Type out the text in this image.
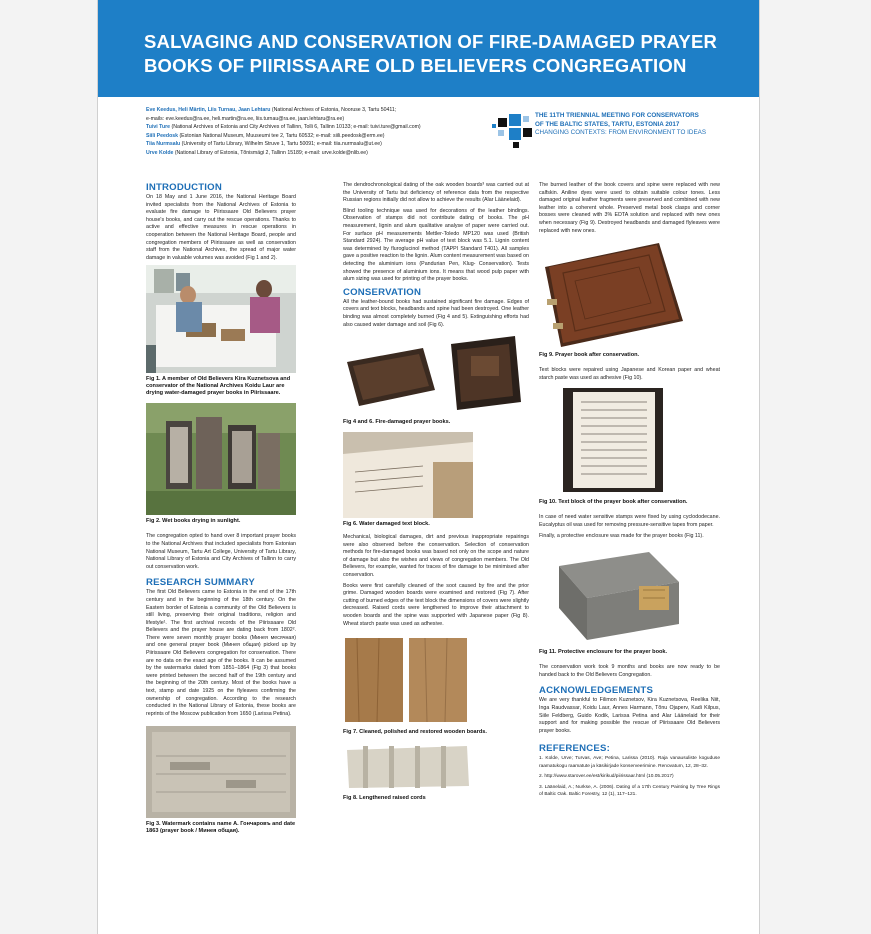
SALVAGING AND CONSERVATION OF FIRE-DAMAGED PRAYER
BOOKS OF PIIRISSAARE OLD BELIEVERS CONGREGATION
Eve Keedus, Heli Märtin, Liis Turnau, Jaan Lehtaru (National Archives of Estonia, Nooruse 3, Tartu 50411;
e-mails: eve.keedus@ra.ee, heli.martin@ra.ee, liis.turnau@ra.ee, jaan.lehtaru@ra.ee)
Tuivi Ture (National Archives of Estonia and City Archives of Tallinn, Tolli 6, Tallinn 10133; e-mail: tuivi.ture@gmail.com)
Siili Peedosk (Estonian National Museum, Muuseumi tee 2, Tartu 60532; e-mail: siili.peedosk@erm.ee)
Tiia Nurmsalu (University of Tartu Library, Wilhelm Struve 1, Tartu 50091; e-mail: tiia.nurmsalu@ut.ee)
Urve Kolde (National Library of Estonia, Tõnismägi 2, Tallinn 15189; e-mail: urve.kolde@nlib.ee)
THE 11TH TRIENNIAL MEETING FOR CONSERVATORS
OF THE BALTIC STATES, TARTU, ESTONIA 2017
CHANGING CONTEXTS: FROM ENVIRONMENT TO IDEAS
INTRODUCTION

On 18 May and 1 June 2016, the National Heritage Board invited specialists from the National Archives of Estonia to evaluate fire damage to Piirissaare Old Believers prayer house's books, and carry out the rescue operations. Thanks to active and effective measures in rescue operations in cooperation between the National Heritage Board, people and congregation members of Piirissaare as well as conservation staff from the National Archives, the spread of major water damage in valuable volumes was avoided (Fig 1 and 2).

Fig 1. A member of Old Believers Kira Kuznetsova and conservator of the National Archives Koidu Laur are drying water-damaged prayer books in Piirissaare.
Fig 2. Wet books drying in sunlight.

The congregation opted to hand over 8 important prayer books to the National Archives that included specialists from Estonian National Museum, Tartu Art College, University of Tartu Library, National Library of Estonia and City Archives of Tallinn to carry out conservation work.

RESEARCH SUMMARY

The first Old Believers came to Estonia in the end of the 17th century and in the beginning of the 18th century. On the Eastern border of Estonia a community of the Old Believers is still living, preserving their original traditions, religion and lifestyle¹. The first archival records of the Piirissaare Old Believers and the prayer house are dating back from 1802². There were seven monthly prayer books (Минея месячная) and one general prayer book (Минея общая) picked up by Piirissaare Old Believers congregation for conservation. There are no data on the exact age of the books. It can be assumed by the watermarks dated from 1851–1864 (Fig 3) that books were printed between the second half of the 19th century and the beginning of the 20th century. Most of the books have a text, stamp and date 1925 on the flyleaves confirming the ownership of congregation. According to the research conducted in the National Library of Estonia, these books are reprints of the Moscow publication from 1650 (Larissa Petina).

Fig 3. Watermark contains name А. Гончаровъ and date 1863 (prayer book / Минея общая).

The dendrochronological dating of the oak wooden boards³ was carried out at the University of Tartu but deficiency of reference data from the respective Russian regions initially did not allow to achieve the results (Alar Läänelaid).

Blind tooling technique was used for decorations of the leather bindings. Observation of stamps did not contribute dating of books. The pH measurement, lignin and alum qualitative analyse of paper were carried out. For surface pH measurements Mettler-Toledo MP120 was used (British Standard 2924). The average pH value of text block was 5.1. Lignin content was determined by fluroglucinol method (TAPPI Standard T401). All samples gave a positive reaction to the lignin. Alum content measurement was based on detecting the aluminium ions (Pandurian Pen, Klug- Conservation). Tests showed the presence of aluminium ions. It means that wood pulp paper with alum sizing was used for printing of the prayer books.

CONSERVATION

All the leather-bound books had sustained significant fire damage. Edges of covers and text blocks, headbands and spine had been destroyed. One leather binding was almost completely burned (Fig 4 and 5). Extinguishing efforts had also caused water damage and soil (Fig 6).

Fig 4 and 6. Fire-damaged prayer books.
Fig 6. Water damaged text block.

Mechanical, biological damages, dirt and previous inappropriate repairings were also observed before the conservation. Selection of conservation methods for fire-damaged books was based not only on the scope and nature of damage but also the wishes and views of congregation members. The Old Believers, for example, wanted for traces of fire damage to be minimised after conservation.

Books were first carefully cleaned of the soot caused by fire and the prior grime. Damaged wooden boards were examined and restored (Fig 7). After cutting of burned edges of the text block the dimensions of covers were slightly decreased. Raised cords were lengthened to improve their attachment to wooden boards and the spine was supported with Japanese paper (Fig 8). Wheat starch paste was used as adhesive.

Fig 7. Cleaned, polished and restored wooden boards.
Fig 8. Lengthened raised cords

The burned leather of the book covers and spine were replaced with new calfskin. Aniline dyes were used to obtain suitable colour tones. Less damaged original leather fragments were preserved and combined with new leather into a coherent whole. Preserved metal book clasps and corner bosses were cleaned with 3% EDTA solution and replaced with new ones when necessary (Fig 9). Destroyed headbands and damaged flyleaves were replaced with new ones.

Fig 9. Prayer book after conservation.

Text blocks were repaired using Japanese and Korean paper and wheat starch paste was used as adhesive (Fig 10).

Fig 10. Text block of the prayer book after conservation.

In case of need water sensitive stamps were fixed by using cyclododecane. Eucalyptus oil was used for removing pressure-sensitive tapes from paper.

Finally, a protective enclosure was made for the prayer books (Fig 11).

Fig 11. Protective enclosure for the prayer book.

The conservation work took 9 months and books are now ready to be handed back to the Old Believers Congregation.

ACKNOWLEDGEMENTS

We are very thankful to Filimon Kuznetsov, Kira Kuznetsova, Reelika Niit, Inga Raudvassar, Koidu Laur, Annes Harmann, Tõnu Ojaperv, Kadi Kilpus, Siile Feldberg, Guido Kodik, Larissa Petina and Alar Läänelaid for their support and for making possible the rescue of Piirissaare Old Believers prayer books.

REFERENCES:

1. Kolde, Urve; Turvas, Ave; Petina, Larissa (2010). Raja vanausuliste koguduse raamatukogu raamatute ja käsikirjade konserveerimine. Renovatum, 12, 28–32.

2. http://www.starover.ee/est/kirikud/piirissaar.html (10.05.2017)

3. Läänelaid, A.; Nurkse, A. (2006). Dating of a 17th Century Painting by Tree Rings of Baltic Oak. Baltic Forestry, 12 (1), 117–121.
